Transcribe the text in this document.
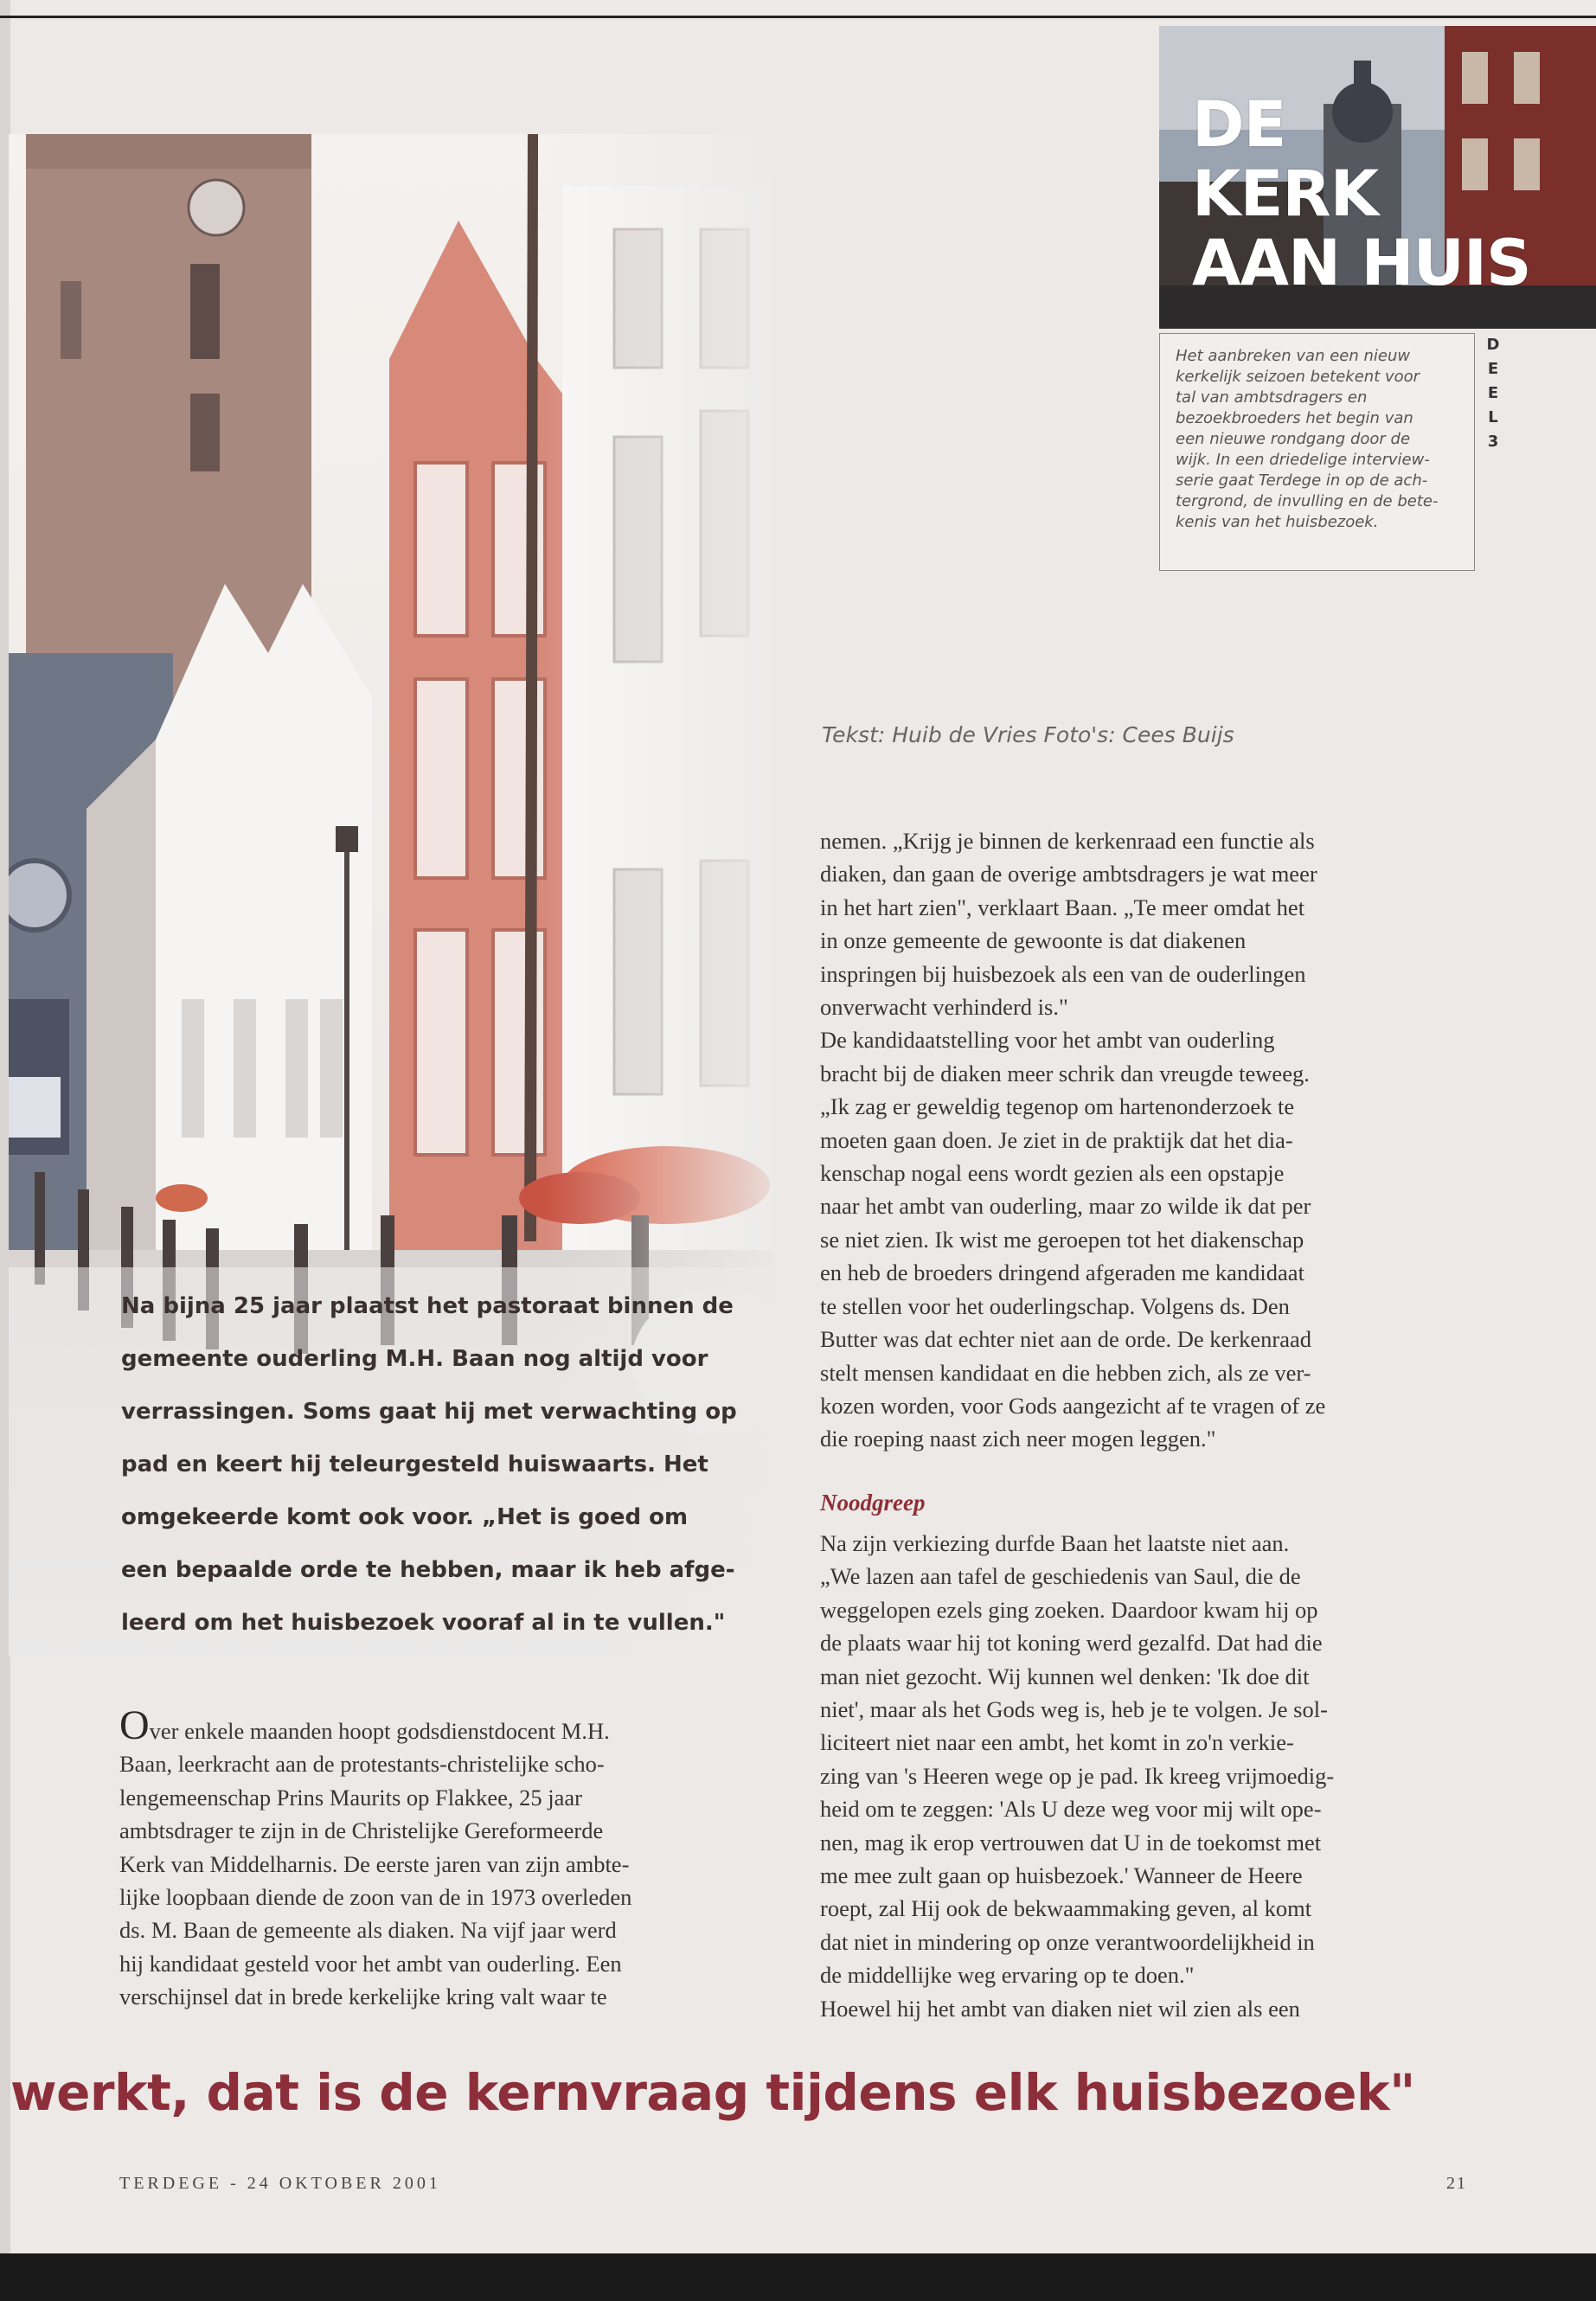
Na bijna 25 jaar plaatst het pastoraat binnen de
gemeente ouderling M.H. Baan nog altijd voor
verrassingen. Soms gaat hij met verwachting op
pad en keert hij teleurgesteld huiswaarts. Het
omgekeerde komt ook voor. „Het is goed om
een bepaalde orde te hebben, maar ik heb afge-
leerd om het huisbezoek vooraf al in te vullen."
DE
KERK
AAN HUIS
Het aanbreken van een nieuw
kerkelijk seizoen betekent voor
tal van ambtsdragers en
bezoekbroeders het begin van
een nieuwe rondgang door de
wijk. In een driedelige interview-
serie gaat Terdege in op de ach-
tergrond, de invulling en de bete-
kenis van het huisbezoek.
D
E
E
L
3
Tekst: Huib de Vries Foto's: Cees Buijs
Over enkele maanden hoopt godsdienstdocent M.H.
Baan, leerkracht aan de protestants-christelijke scho-
lengemeenschap Prins Maurits op Flakkee, 25 jaar
ambtsdrager te zijn in de Christelijke Gereformeerde
Kerk van Middelharnis. De eerste jaren van zijn ambte-
lijke loopbaan diende de zoon van de in 1973 overleden
ds. M. Baan de gemeente als diaken. Na vijf jaar werd
hij kandidaat gesteld voor het ambt van ouderling. Een
verschijnsel dat in brede kerkelijke kring valt waar te
nemen. „Krijg je binnen de kerkenraad een functie als
diaken, dan gaan de overige ambtsdragers je wat meer
in het hart zien", verklaart Baan. „Te meer omdat het
in onze gemeente de gewoonte is dat diakenen
inspringen bij huisbezoek als een van de ouderlingen
onverwacht verhinderd is."
De kandidaatstelling voor het ambt van ouderling
bracht bij de diaken meer schrik dan vreugde teweeg.
„Ik zag er geweldig tegenop om hartenonderzoek te
moeten gaan doen. Je ziet in de praktijk dat het dia-
kenschap nogal eens wordt gezien als een opstapje
naar het ambt van ouderling, maar zo wilde ik dat per
se niet zien. Ik wist me geroepen tot het diakenschap
en heb de broeders dringend afgeraden me kandidaat
te stellen voor het ouderlingschap. Volgens ds. Den
Butter was dat echter niet aan de orde. De kerkenraad
stelt mensen kandidaat en die hebben zich, als ze ver-
kozen worden, voor Gods aangezicht af te vragen of ze
die roeping naast zich neer mogen leggen."
Noodgreep
Na zijn verkiezing durfde Baan het laatste niet aan.
„We lazen aan tafel de geschiedenis van Saul, die de
weggelopen ezels ging zoeken. Daardoor kwam hij op
de plaats waar hij tot koning werd gezalfd. Dat had die
man niet gezocht. Wij kunnen wel denken: 'Ik doe dit
niet', maar als het Gods weg is, heb je te volgen. Je sol-
liciteert niet naar een ambt, het komt in zo'n verkie-
zing van 's Heeren wege op je pad. Ik kreeg vrijmoedig-
heid om te zeggen: 'Als U deze weg voor mij wilt ope-
nen, mag ik erop vertrouwen dat U in de toekomst met
me mee zult gaan op huisbezoek.' Wanneer de Heere
roept, zal Hij ook de bekwaammaking geven, al komt
dat niet in mindering op onze verantwoordelijkheid in
de middellijke weg ervaring op te doen."
Hoewel hij het ambt van diaken niet wil zien als een
werkt, dat is de kernvraag tijdens elk huisbezoek"
TERDEGE - 24 OKTOBER 2001	21
